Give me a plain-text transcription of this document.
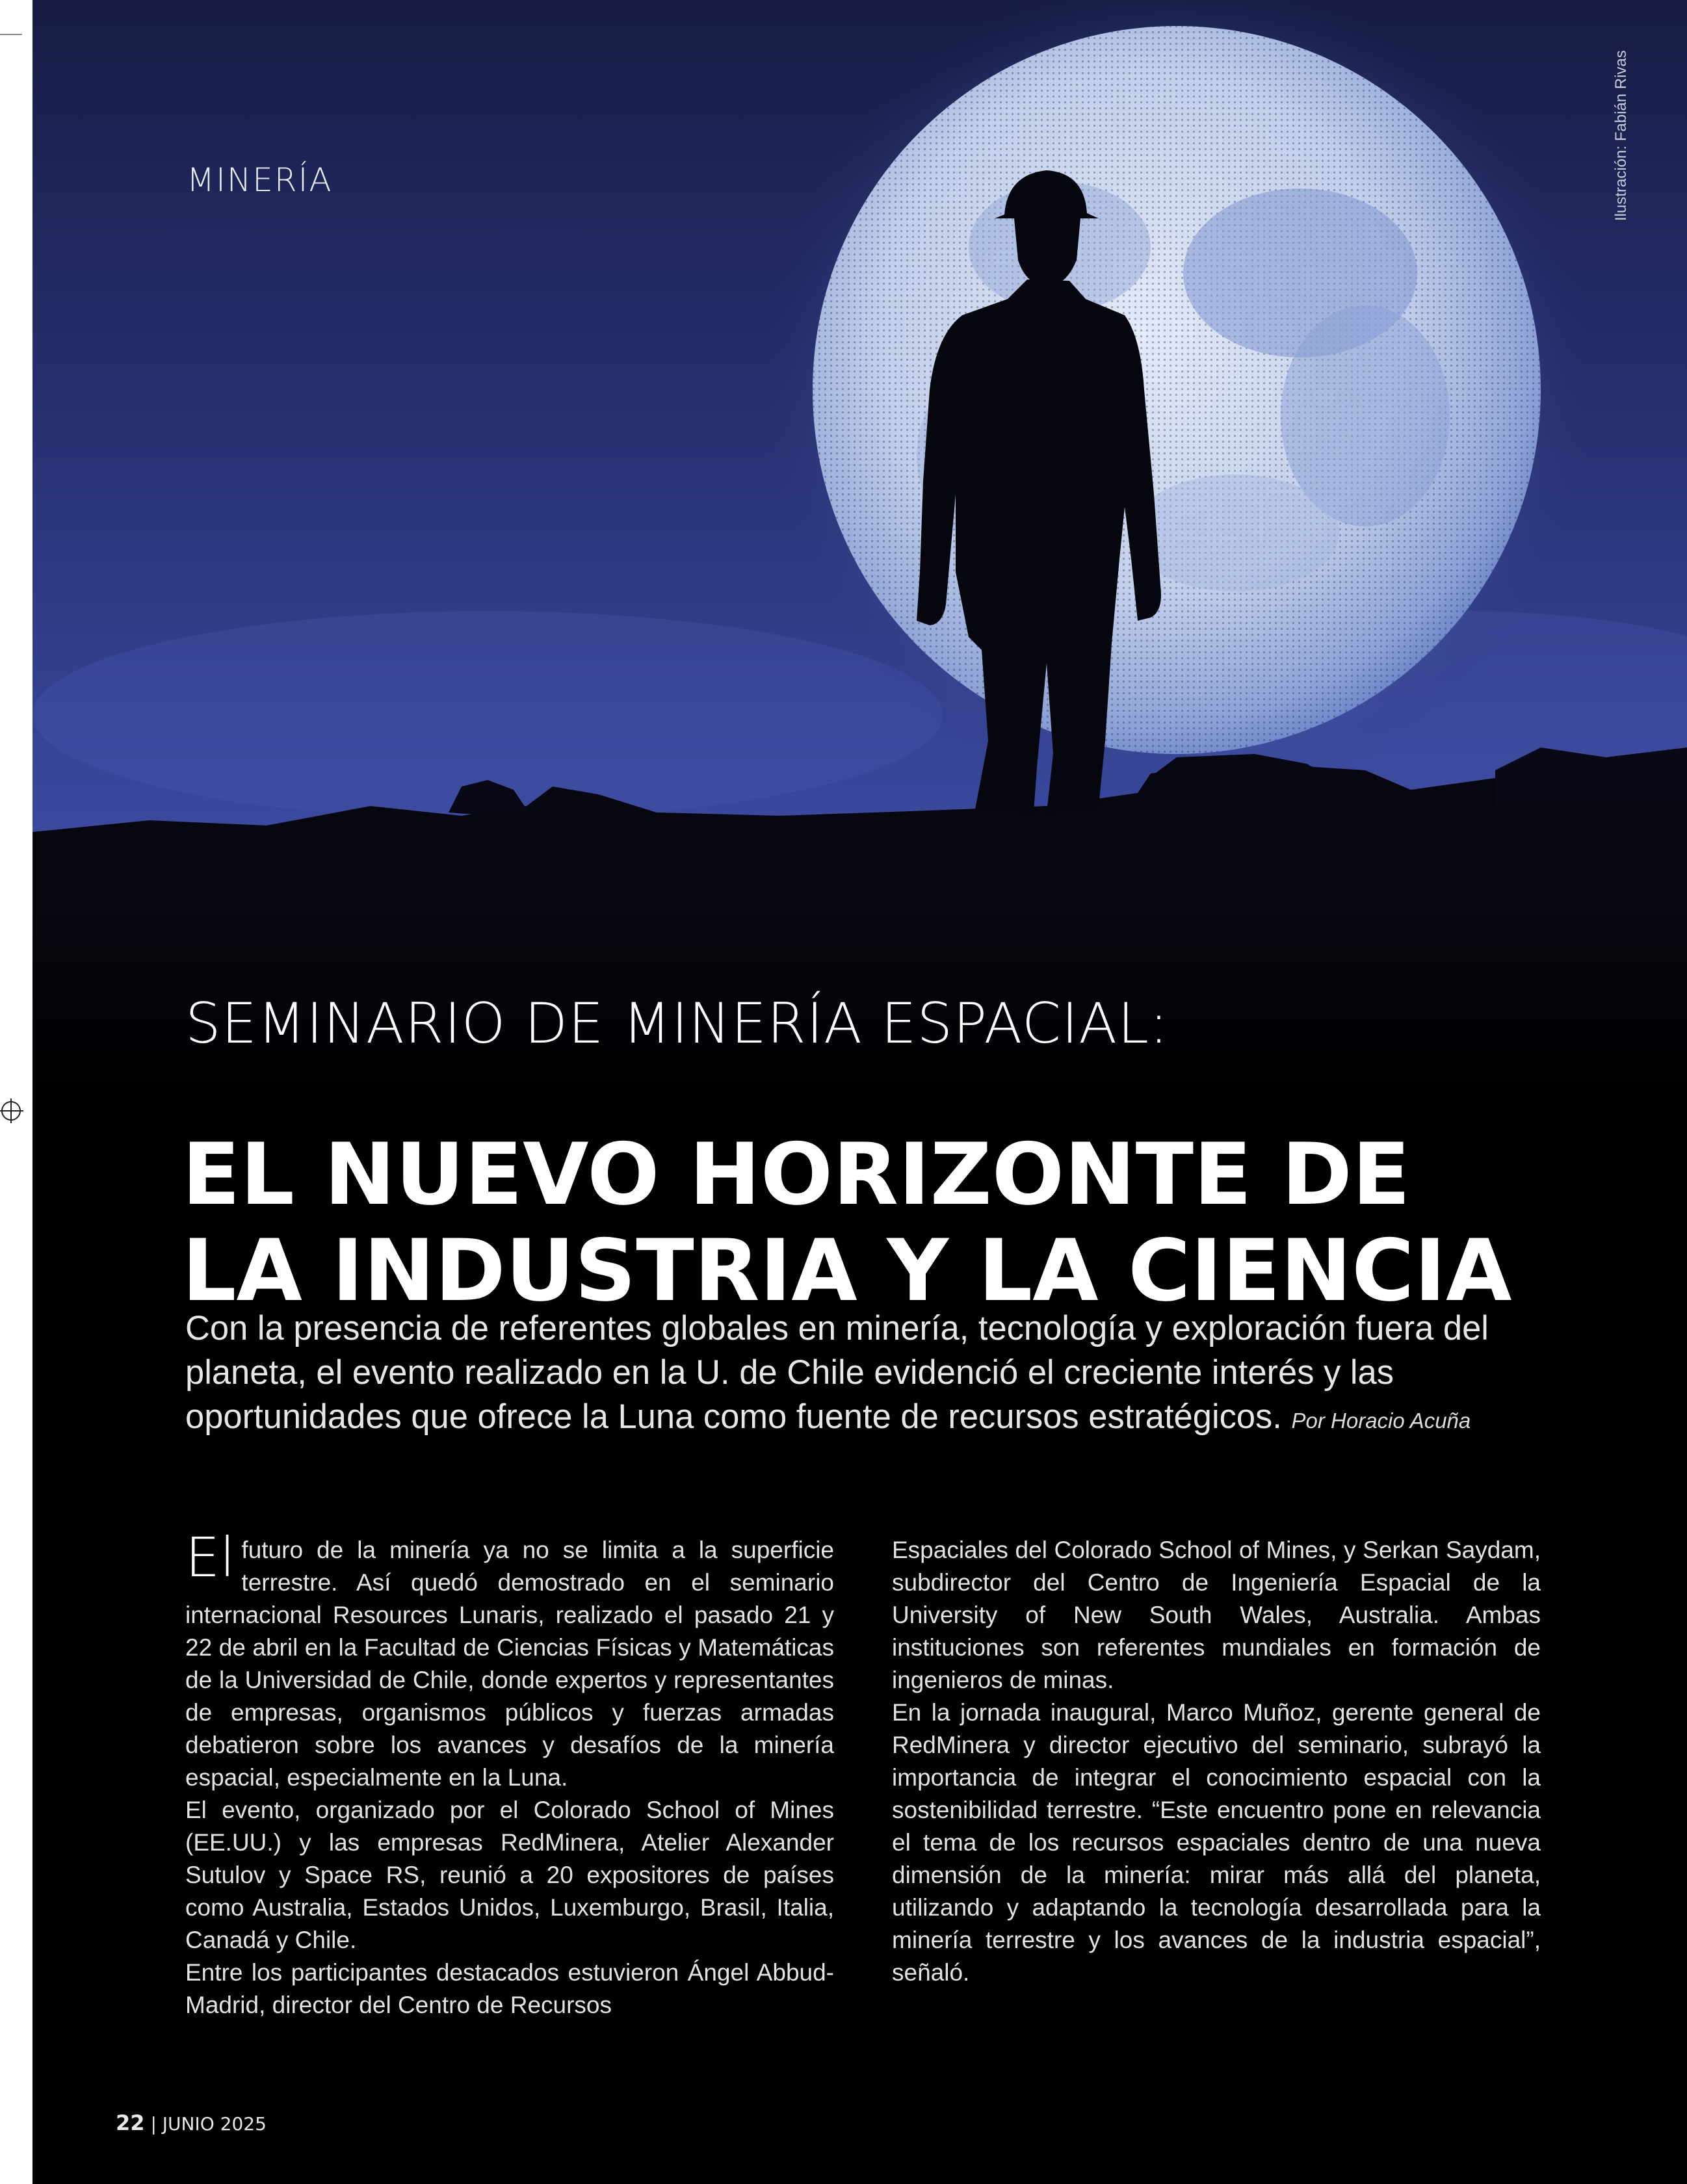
MINERÍA	Ilustración: Fabián Rivas
SEMINARIO DE MINERÍA ESPACIAL:
EL NUEVO HORIZONTE DE
LA INDUSTRIA Y LA CIENCIA
Con la presencia de referentes globales en minería, tecnología y exploración fuera del planeta, el evento realizado en la U. de Chile evidenció el creciente interés y las oportunidades que ofrece la Luna como fuente de recursos estratégicos. Por Horacio Acuña

El futuro de la minería ya no se limita a la superficie terrestre. Así quedó demostrado en el seminario internacional Resources Lunaris, realizado el pasado 21 y 22 de abril en la Facultad de Ciencias Físicas y Matemáticas de la Universidad de Chile, donde expertos y representantes de empresas, organismos públicos y fuerzas armadas debatieron sobre los avances y desafíos de la minería espacial, especialmente en la Luna.

El evento, organizado por el Colorado School of Mines (EE.UU.) y las empresas RedMinera, Atelier Alexander Sutulov y Space RS, reunió a 20 expositores de países como Australia, Estados Unidos, Luxemburgo, Brasil, Italia, Canadá y Chile.

Entre los participantes destacados estuvieron Ángel Abbud-Madrid, director del Centro de Recursos

Espaciales del Colorado School of Mines, y Serkan Saydam, subdirector del Centro de Ingeniería Espacial de la University of New South Wales, Australia. Ambas instituciones son referentes mundiales en formación de ingenieros de minas.

En la jornada inaugural, Marco Muñoz, gerente general de RedMinera y director ejecutivo del seminario, subrayó la importancia de integrar el conocimiento espacial con la sostenibilidad terrestre. “Este encuentro pone en relevancia el tema de los recursos espaciales dentro de una nueva dimensión de la minería: mirar más allá del planeta, utilizando y adaptando la tecnología desarrollada para la minería terrestre y los avances de la industria espacial”, señaló.

22 | JUNIO 2025
